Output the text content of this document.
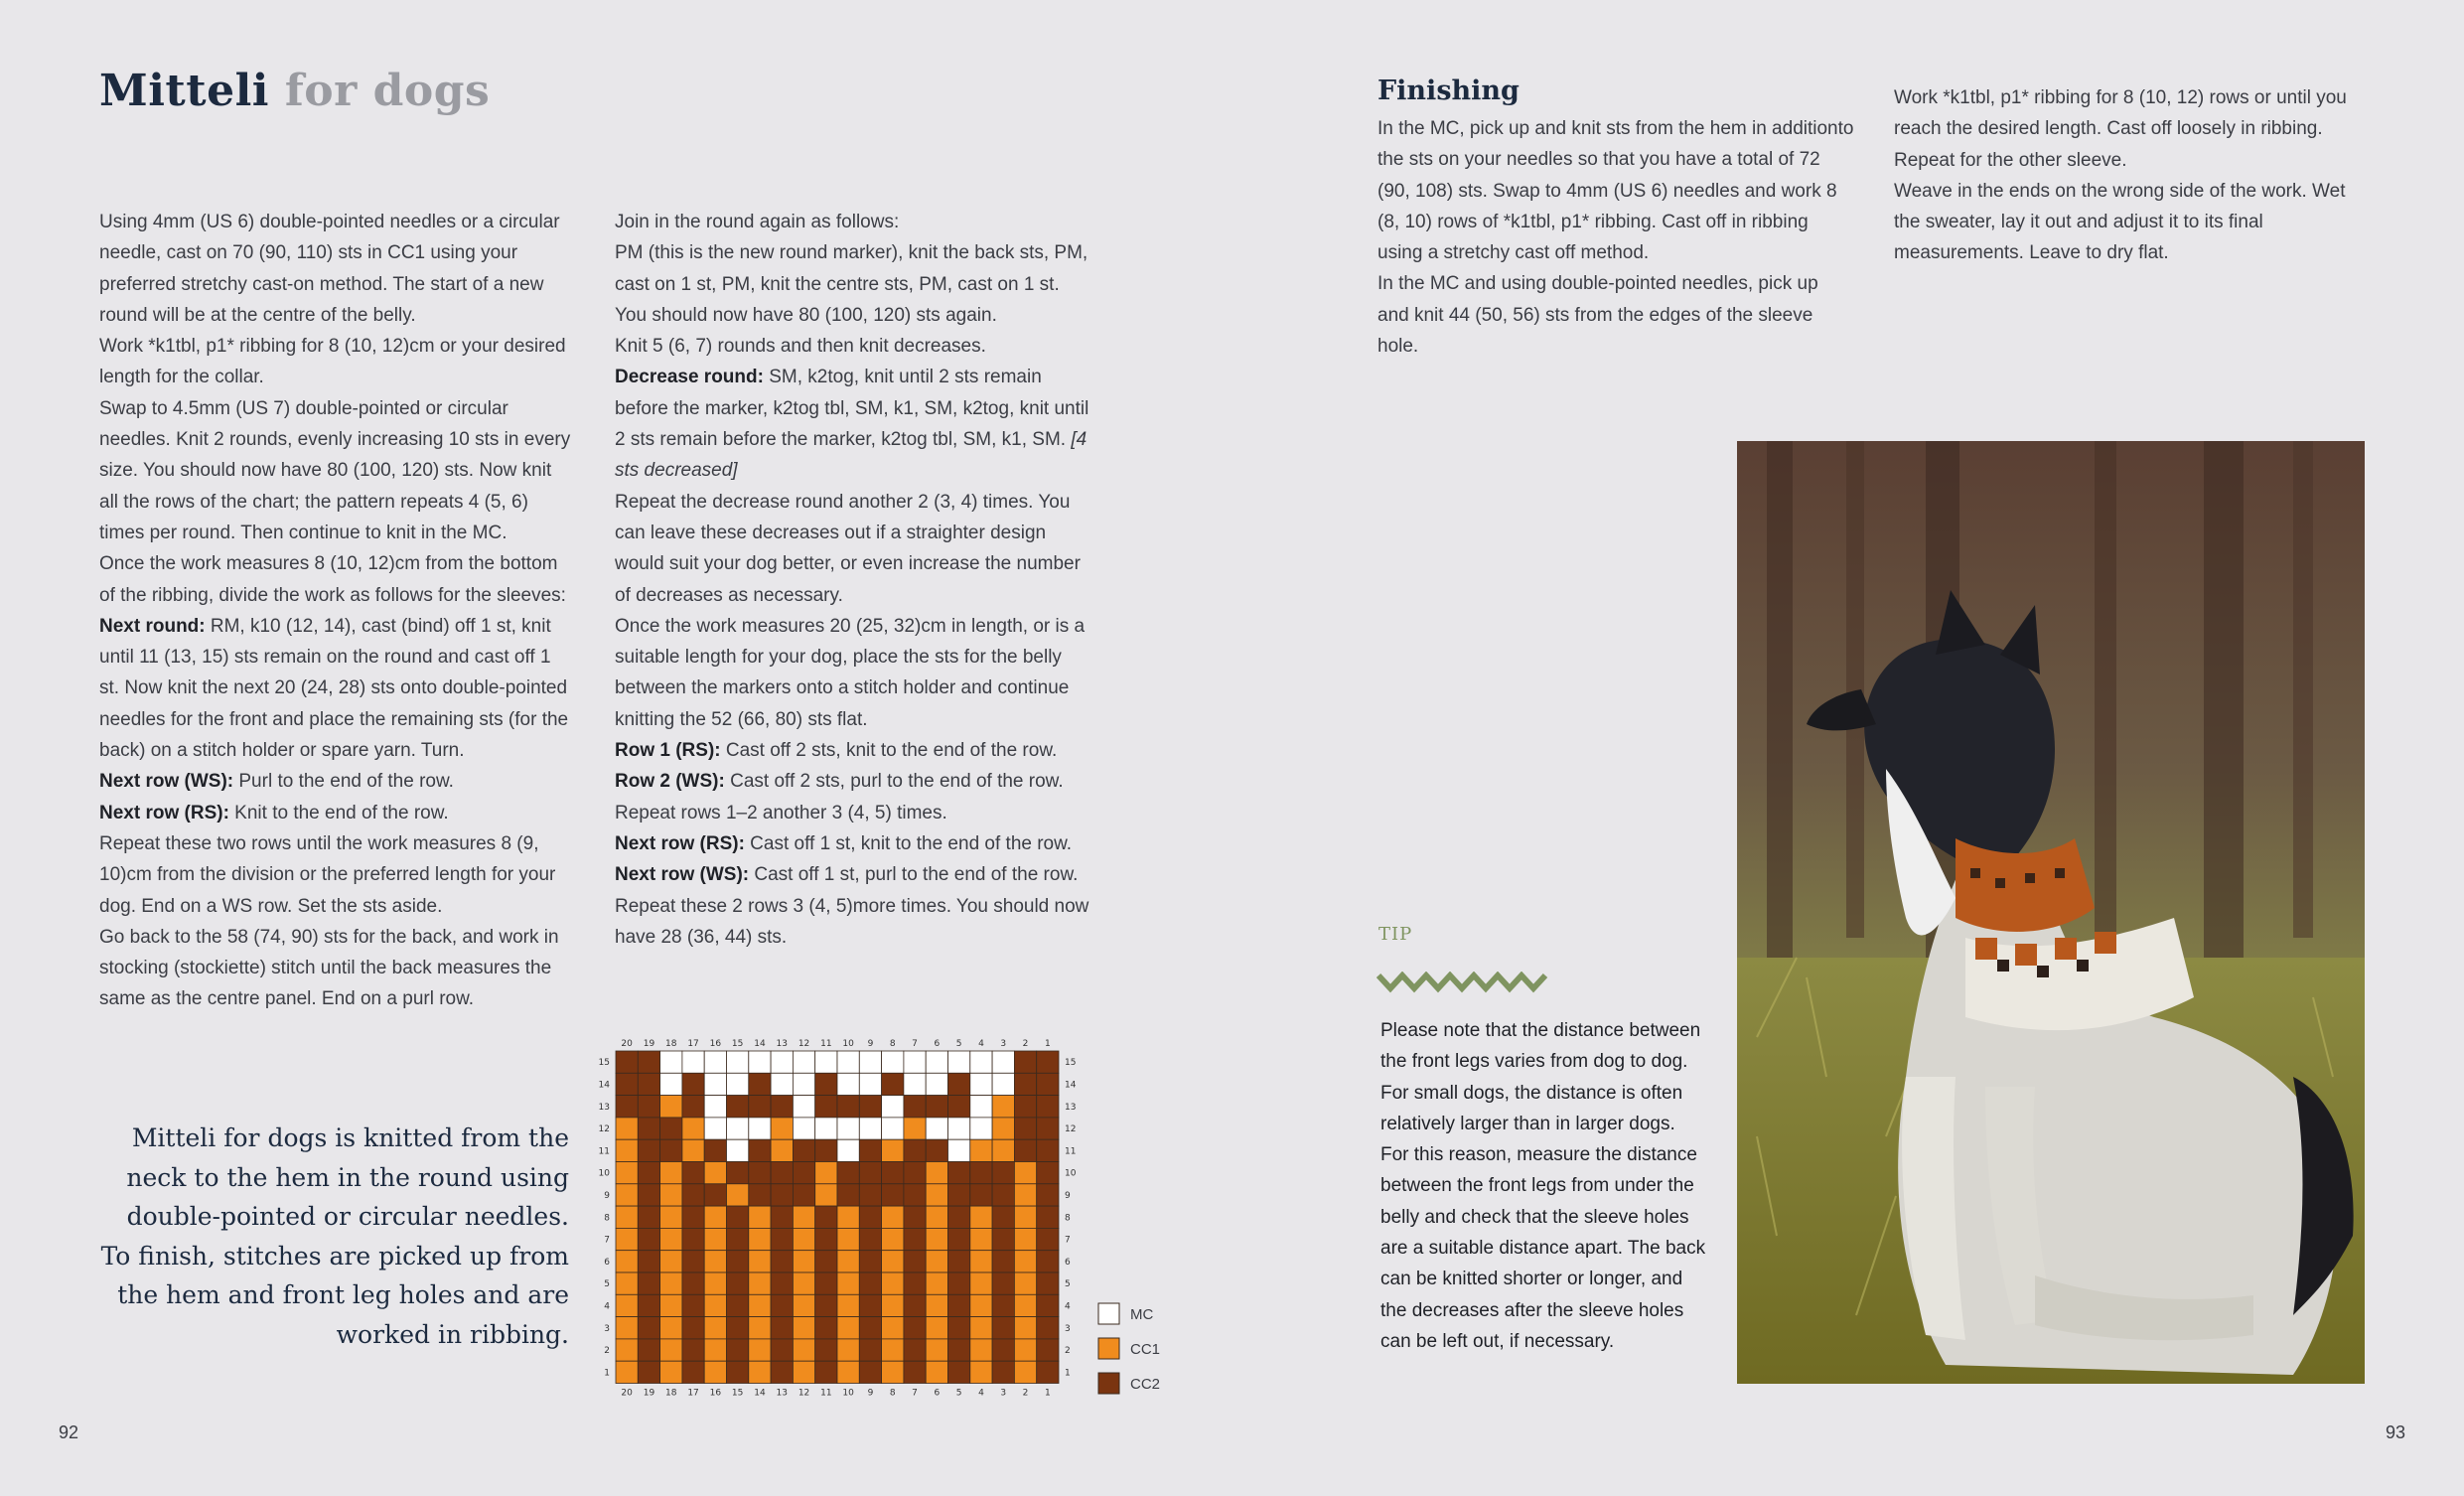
Mitteli for dogs

Using 4mm (US 6) double-pointed needles or a circular needle, cast on 70 (90, 110) sts in CC1 using your preferred stretchy cast-on method. The start of a new round will be at the centre of the belly.

Work *k1tbl, p1* ribbing for 8 (10, 12)cm or your desired length for the collar.

Swap to 4.5mm (US 7) double-pointed or circular needles. Knit 2 rounds, evenly increasing 10 sts in every size. You should now have 80 (100, 120) sts. Now knit all the rows of the chart; the pattern repeats 4 (5, 6) times per round. Then continue to knit in the MC.

Once the work measures 8 (10, 12)cm from the bottom of the ribbing, divide the work as follows for the sleeves:

Next round: RM, k10 (12, 14), cast (bind) off 1 st, knit until 11 (13, 15) sts remain on the round and cast off 1 st. Now knit the next 20 (24, 28) sts onto double-pointed needles for the front and place the remaining sts (for the back) on a stitch holder or spare yarn. Turn.

Next row (WS): Purl to the end of the row.

Next row (RS): Knit to the end of the row.

Repeat these two rows until the work measures 8 (9, 10)cm from the division or the preferred length for your dog. End on a WS row. Set the sts aside.

Go back to the 58 (74, 90) sts for the back, and work in stocking (stockiette) stitch until the back measures the same as the centre panel. End on a purl row.

Join in the round again as follows:

PM (this is the new round marker), knit the back sts, PM, cast on 1 st, PM, knit the centre sts, PM, cast on 1 st. You should now have 80 (100, 120) sts again.

Knit 5 (6, 7) rounds and then knit decreases.

Decrease round: SM, k2tog, knit until 2 sts remain before the marker, k2tog tbl, SM, k1, SM, k2tog, knit until 2 sts remain before the marker, k2tog tbl, SM, k1, SM. [4 sts decreased]

Repeat the decrease round another 2 (3, 4) times. You can leave these decreases out if a straighter design would suit your dog better, or even increase the number of decreases as necessary.

Once the work measures 20 (25, 32)cm in length, or is a suitable length for your dog, place the sts for the belly between the markers onto a stitch holder and continue knitting the 52 (66, 80) sts flat.

Row 1 (RS): Cast off 2 sts, knit to the end of the row.

Row 2 (WS): Cast off 2 sts, purl to the end of the row.

Repeat rows 1–2 another 3 (4, 5) times.

Next row (RS): Cast off 1 st, knit to the end of the row.

Next row (WS): Cast off 1 st, purl to the end of the row.

Repeat these 2 rows 3 (4, 5)more times. You should now have 28 (36, 44) sts.

Finishing

In the MC, pick up and knit sts from the hem in additionto the sts on your needles so that you have a total of 72 (90, 108) sts. Swap to 4mm (US 6) needles and work 8 (8, 10) rows of *k1tbl, p1* ribbing. Cast off in ribbing using a stretchy cast off method.

In the MC and using double-pointed needles, pick up and knit 44 (50, 56) sts from the edges of the sleeve hole.

Work *k1tbl, p1* ribbing for 8 (10, 12) rows or until you reach the desired length. Cast off loosely in ribbing.

Repeat for the other sleeve.

Weave in the ends on the wrong side of the work. Wet the sweater, lay it out and adjust it to its final measurements. Leave to dry flat.

Mitteli for dogs is knitted from the neck to the hem in the round using double-pointed or circular needles. To finish, stitches are picked up from the hem and front leg holes and are worked in ribbing.
20
20
19
19
18
18
17
17
16
16
15
15
14
14
13
13
12
12
11
11
10
10
9
9
8
8
7
7
6
6
5
5
4
4
3
3
2
2
1
1
15	15
14	14
13	13
12	12
11	11
10	10
9	9
8	8
7	7
6	6
5	5
4	4
3	3
2	2
1	1
MC
CC1
CC2
TIP

Please note that the distance between the front legs varies from dog to dog. For small dogs, the distance is often relatively larger than in larger dogs. For this reason, measure the distance between the front legs from under the belly and check that the sleeve holes are a suitable distance apart. The back can be knitted shorter or longer, and the decreases after the sleeve holes can be left out, if necessary.

92	93
